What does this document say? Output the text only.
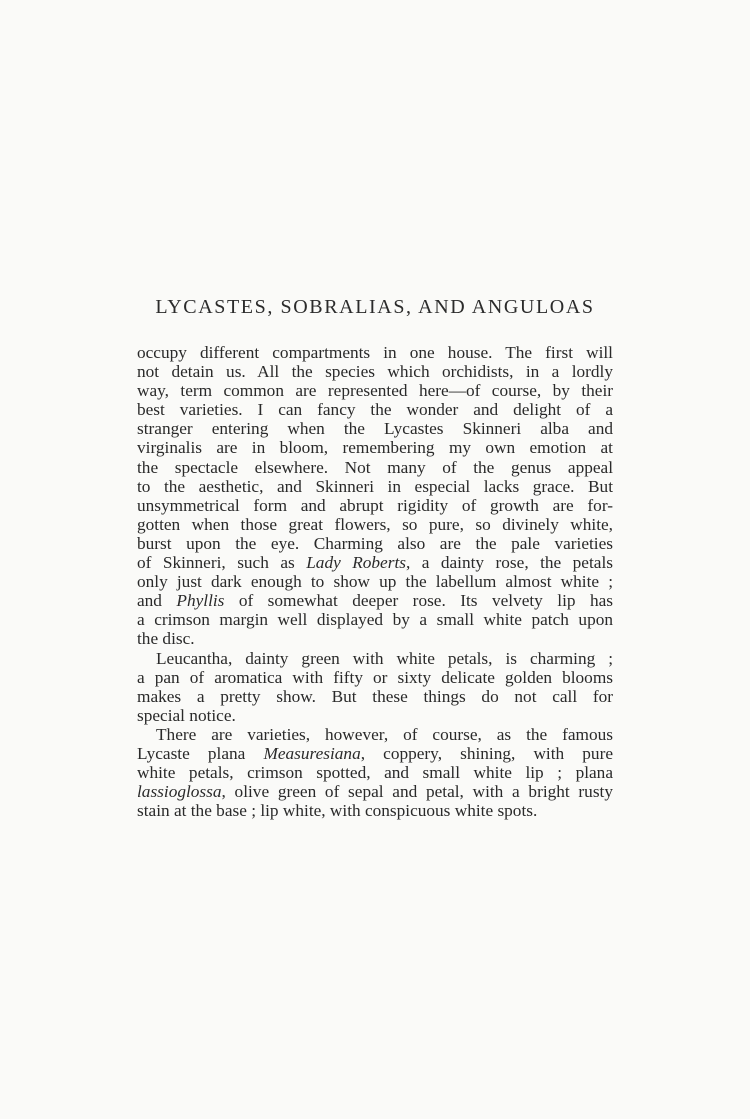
LYCASTES, SOBRALIAS, AND ANGULOAS
occupy different compartments in one house. The first will
not detain us. All the species which orchidists, in a lordly
way, term common are represented here—of course, by their
best varieties. I can fancy the wonder and delight of a
stranger entering when the Lycastes Skinneri alba and
virginalis are in bloom, remembering my own emotion at
the spectacle elsewhere. Not many of the genus appeal
to the aesthetic, and Skinneri in especial lacks grace. But
unsymmetrical form and abrupt rigidity of growth are for-
gotten when those great flowers, so pure, so divinely white,
burst upon the eye. Charming also are the pale varieties
of Skinneri, such as Lady Roberts, a dainty rose, the petals
only just dark enough to show up the labellum almost white ;
and Phyllis of somewhat deeper rose. Its velvety lip has
a crimson margin well displayed by a small white patch upon
the disc.
Leucantha, dainty green with white petals, is charming ;
a pan of aromatica with fifty or sixty delicate golden blooms
makes a pretty show. But these things do not call for
special notice.
There are varieties, however, of course, as the famous
Lycaste plana Measuresiana, coppery, shining, with pure
white petals, crimson spotted, and small white lip ; plana
lassioglossa, olive green of sepal and petal, with a bright rusty
stain at the base ; lip white, with conspicuous white spots.
